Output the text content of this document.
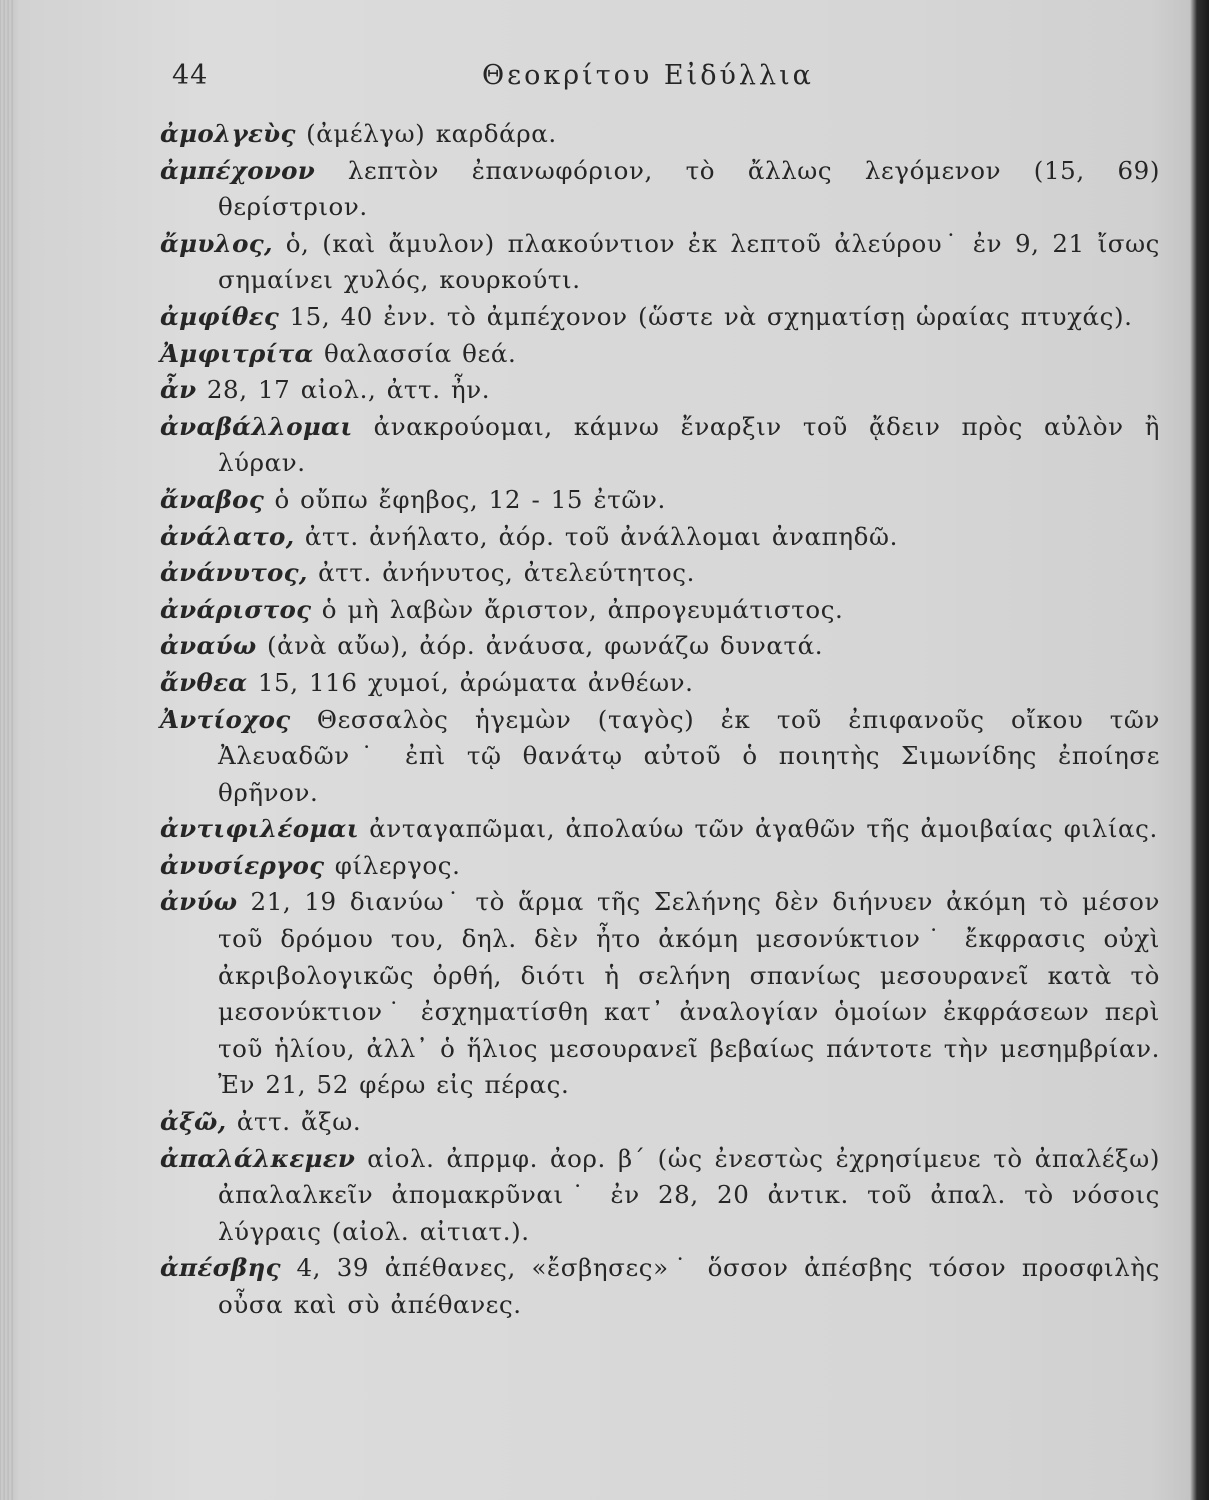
44	Θεοκρίτου Εἰδύλλια
ἀμολγεὺς (ἀμέλγω) καρδάρα.
ἀμπέχονον λεπτὸν ἐπανωφόριον, τὸ ἄλλως λεγόμενον (15, 69) θερίστριον.
ἄμυλος, ὁ, (καὶ ἄμυλον) πλακούντιον ἐκ λεπτοῦ ἀλεύρου˙ ἐν 9, 21 ἴσως σημαίνει χυλός, κουρκούτι.
ἀμφίθες 15, 40 ἐνν. τὸ ἀμπέχονον (ὥστε νὰ σχηματίσῃ ὡραίας πτυχάς).
Ἀμφιτρίτα θαλασσία θεά.
ἆν 28, 17 αἰολ., ἀττ. ἦν.
ἀναβάλλομαι ἀνακρούομαι, κάμνω ἔναρξιν τοῦ ᾄδειν πρὸς αὐλὸν ἢ λύραν.
ἄναβος ὁ οὔπω ἔφηβος, 12 - 15 ἐτῶν.
ἀνάλατο, ἀττ. ἀνήλατο, ἀόρ. τοῦ ἀνάλλομαι ἀναπηδῶ.
ἀνάνυτος, ἀττ. ἀνήνυτος, ἀτελεύτητος.
ἀνάριστος ὁ μὴ λαβὼν ἄριστον, ἀπρογευμάτιστος.
ἀναύω (ἀνὰ αὔω), ἀόρ. ἀνάυσα, φωνάζω δυνατά.
ἄνθεα 15, 116 χυμοί, ἀρώματα ἀνθέων.
Ἀντίοχος Θεσσαλὸς ἡγεμὼν (ταγὸς) ἐκ τοῦ ἐπιφανοῦς οἴκου τῶν Ἀλευαδῶν˙ ἐπὶ τῷ θανάτῳ αὐτοῦ ὁ ποιητὴς Σιμωνίδης ἐποίησε θρῆνον.
ἀντιφιλέομαι ἀνταγαπῶμαι, ἀπολαύω τῶν ἀγαθῶν τῆς ἀμοιβαίας φιλίας.
ἀνυσίεργος φίλεργος.
ἀνύω 21, 19 διανύω˙ τὸ ἅρμα τῆς Σελήνης δὲν διήνυεν ἀκόμη τὸ μέσον τοῦ δρόμου του, δηλ. δὲν ἦτο ἀκόμη μεσονύκτιον˙ ἔκφρασις οὐχὶ ἀκριβολογικῶς ὀρθή, διότι ἡ σελήνη σπανίως μεσουρανεῖ κατὰ τὸ μεσονύκτιον˙ ἐσχηματίσθη κατ᾽ ἀναλογίαν ὁμοίων ἐκφράσεων περὶ τοῦ ἡλίου, ἀλλ᾽ ὁ ἥλιος μεσουρανεῖ βεβαίως πάντοτε τὴν μεσημβρίαν. Ἐν 21, 52 φέρω εἰς πέρας.
ἀξῶ, ἀττ. ἄξω.
ἀπαλάλκεμεν αἰολ. ἀπρμφ. ἀορ. β΄ (ὡς ἐνεστὼς ἐχρησίμευε τὸ ἀπαλέξω) ἀπαλαλκεῖν ἀπομακρῦναι˙ ἐν 28, 20 ἀντικ. τοῦ ἀπαλ. τὸ νόσοις λύγραις (αἰολ. αἰτιατ.).
ἀπέσβης 4, 39 ἀπέθανες, «ἔσβησες»˙ ὅσσον ἀπέσβης τόσον προσφιλὴς οὖσα καὶ σὺ ἀπέθανες.
